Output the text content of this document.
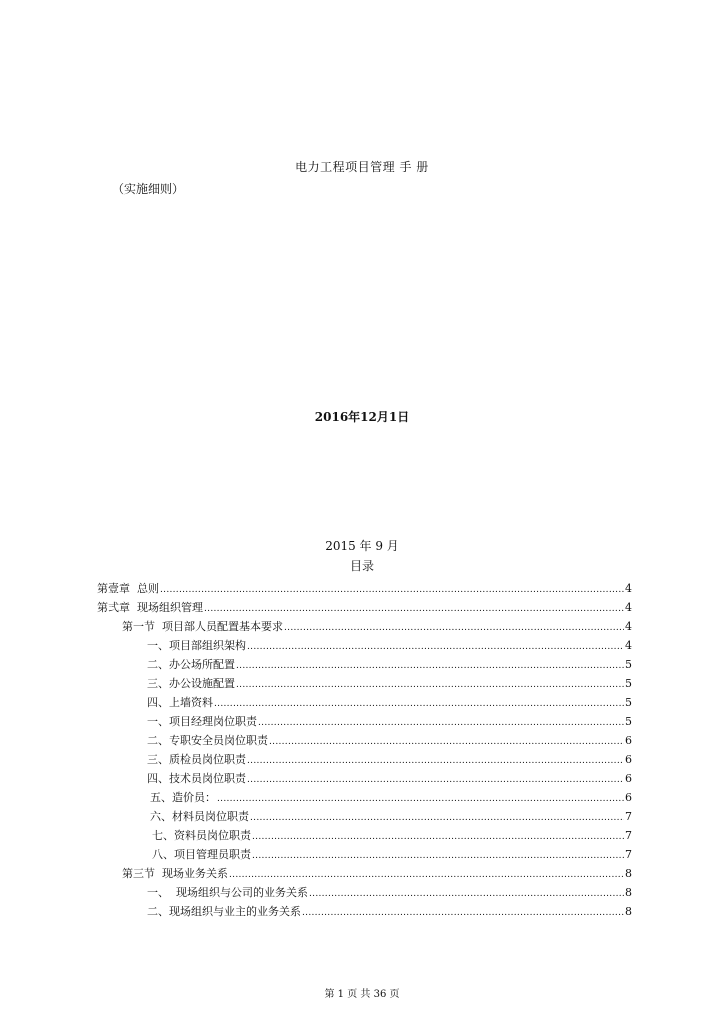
电力工程项目管理 手 册
（实施细则）
2016年12月1日
2015 年 9 月
目录
第壹章  总则 .....	4
第弍章  现场组织管理 .....	4
第一节  项目部人员配置基本要求 .....	4
一、项目部组织架构 .....	4
二、办公场所配置 .....	5
三、办公设施配置 .....	5
四、上墙资料 .....	5
一、项目经理岗位职责 .....	5
二、专职安全员岗位职责 .....	6
三、质检员岗位职责 .....	6
四、技术员岗位职责 .....	6
五、造价员： .....	6
六、材料员岗位职责 .....	7
七、资料员岗位职责 .....	7
八、项目管理员职责 .....	7
第三节  现场业务关系 .....	8
一、  现场组织与公司的业务关系 .....	8
二、现场组织与业主的业务关系 .....	8
第 1 页 共 36 页
